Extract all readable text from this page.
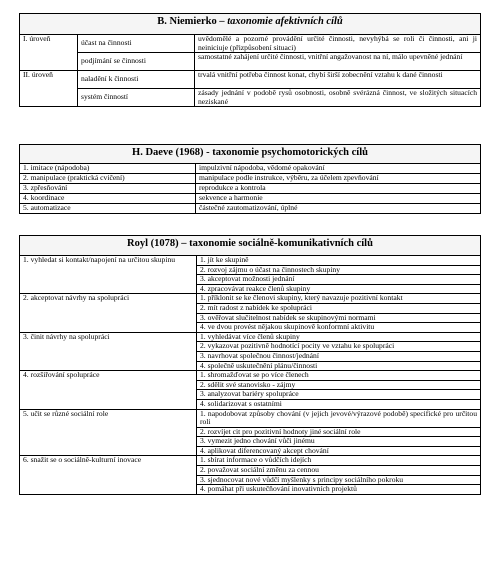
B. Niemierko – taxonomie afektivních cílů		
I. úroveň	účast na činnosti	uvědomělé a pozorné provádění určité činnosti, nevyhýbá se roli či činnosti, ani ji neiniciuje (přizpůsobení situaci)
	podjímání se činnosti	samostatné zahájení určité činnosti, vnitřní angažovanost na ní, málo upevněné jednání
II. úroveň	naladění k činnosti	trvalá vnitřní potřeba činnost konat, chybí širší zobecnění vztahu k dané činnosti
	systém činností	zásady jednání v podobě rysů osobnosti, osobně svérázná činnost, ve složitých situacích neziskané
H. Daeve (1968) - taxonomie psychomotorických cílů	
1. imitace (nápodoba)	impulzivní nápodoba, vědomé opakování
2. manipulace (praktická cvičení)	manipulace podle instrukce, výběru, za účelem zpevňování
3. zpřesňování	reprodukce a kontrola
4. koordinace	sekvence a harmonie
5. automatizace	částečné zautomatizování, úplné
Royl (1078) – taxonomie sociálně-komunikativních cílů	
1. vyhledat si kontakt/napojení na určitou skupinu	1. jít ke skupině
2. rozvoj zájmu o účast na činnostech skupiny
3. akceptovat možnosti jednání
4. zpracovávat reakce členů skupiny

2. akceptovat návrhy na spolupráci	1. příklonit se ke členovi skupiny, který navazuje pozitivní kontakt
2. mít radost z nabídek ke spolupráci
3. ověřovat slučitelnost nabídek se skupinovými normami
4. ve dvou provést nějakou skupinově konformní aktivitu

3. činit návrhy na spolupráci	1. vyhledávat více členů skupiny
2. vykazovat pozitivně hodnotící pocity ve vztahu ke spolupráci
3. navrhovat společnou činnost/jednání
4. společně uskutečnění plánu/činnosti

4. rozšiřování spolupráce	1. shromažďovat se po více členech
2. sdělit své stanovisko - zájmy
3. analyzovat bariéry spolupráce
4. solidarizovat s ostatními

5. učit se různé sociální role	1. napodobovat způsoby chování (v jejich jevové/výrazové podobě) specifické pro určitou roli
2. rozvíjet cit pro pozitivní hodnoty jiné sociální role
3. vymezit jedno chování vůči jinému
4. aplikovat diferencovaný akcept chování

6. snažit se o sociálně-kulturní inovace	1. sbírat informace o vůdčích idejích
2. považovat sociální změnu za cennou
3. sjednocovat nové vůdčí myšlenky s principy sociálního pokroku
4. pomáhat při uskutečňování inovativních projektů
